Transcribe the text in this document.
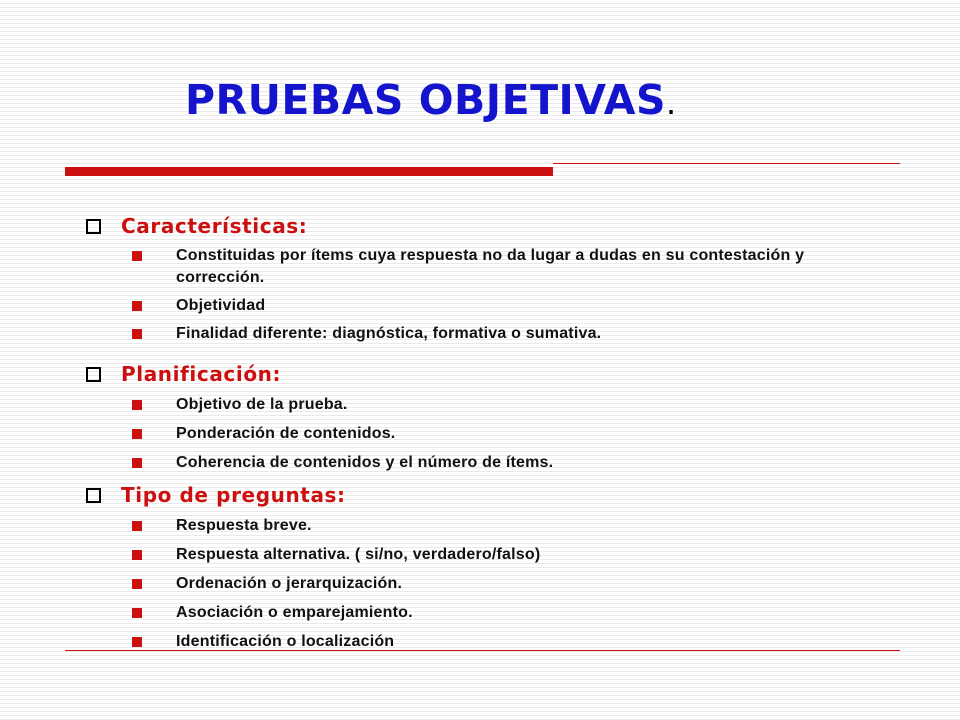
PRUEBAS OBJETIVAS.
Características:
Constituidas por ítems cuya respuesta no da lugar a dudas en su contestación y corrección.
Objetividad
Finalidad diferente: diagnóstica, formativa o sumativa.
Planificación:
Objetivo de la prueba.
Ponderación de contenidos.
Coherencia de contenidos y el número de ítems.
Tipo de preguntas:
Respuesta breve.
Respuesta alternativa. ( si/no, verdadero/falso)
Ordenación o jerarquización.
Asociación o emparejamiento.
Identificación o localización
